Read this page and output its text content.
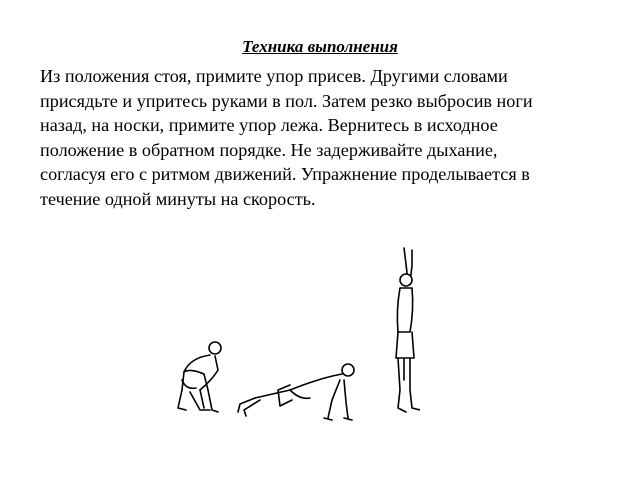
Техника выполнения
Из положения стоя, примите упор присев. Другими словами
присядьте и упритесь руками в пол. Затем резко выбросив ноги
назад, на носки, примите упор лежа. Вернитесь в исходное
положение в обратном порядке. Не задерживайте дыхание,
согласуя его с ритмом движений. Упражнение проделывается в
течение одной минуты на скорость.
